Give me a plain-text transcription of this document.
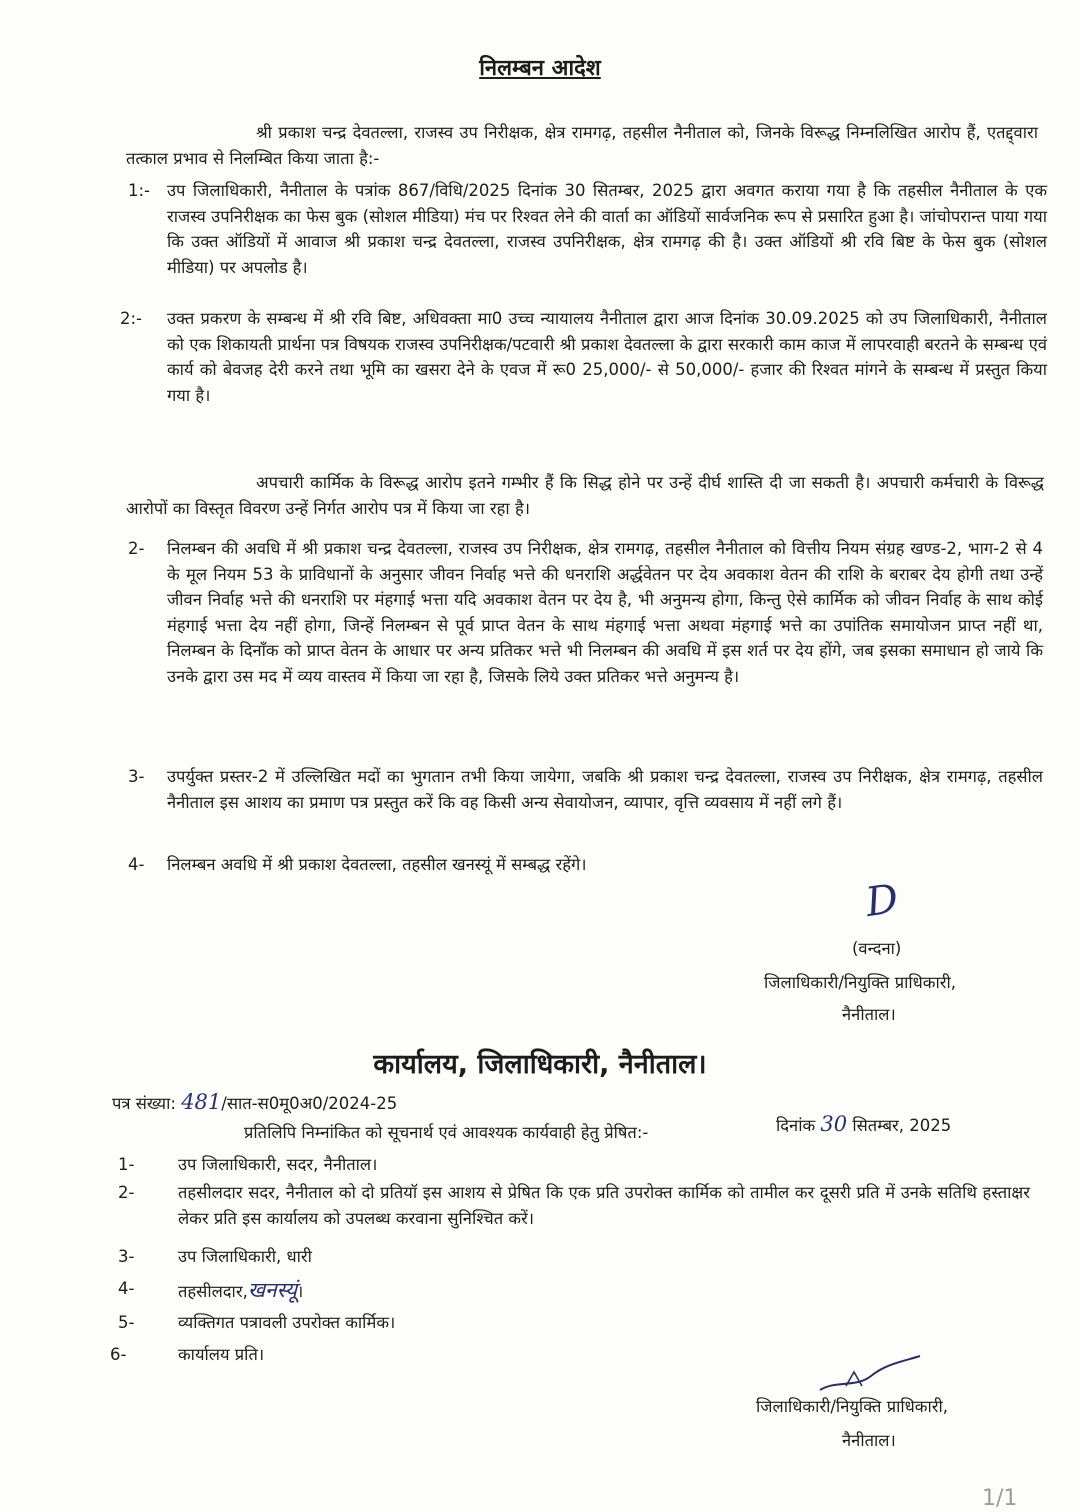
निलम्बन आदेश

श्री प्रकाश चन्द्र देवतल्ला, राजस्व उप निरीक्षक, क्षेत्र रामगढ़, तहसील नैनीताल को, जिनके विरूद्ध निम्नलिखित आरोप हैं, एतद्द्वारा तत्काल प्रभाव से निलम्बित किया जाता है:-

1:- उप जिलाधिकारी, नैनीताल के पत्रांक 867/विधि/2025 दिनांक 30 सितम्बर, 2025 द्वारा अवगत कराया गया है कि तहसील नैनीताल के एक राजस्व उपनिरीक्षक का फेस बुक (सोशल मीडिया) मंच पर रिश्वत लेने की वार्ता का ऑडियों सार्वजनिक रूप से प्रसारित हुआ है। जांचोपरान्त पाया गया कि उक्त ऑडियों में आवाज श्री प्रकाश चन्द्र देवतल्ला, राजस्व उपनिरीक्षक, क्षेत्र रामगढ़ की है। उक्त ऑडियों श्री रवि बिष्ट के फेस बुक (सोशल मीडिया) पर अपलोड है।

2:- उक्त प्रकरण के सम्बन्ध में श्री रवि बिष्ट, अधिवक्ता मा0 उच्च न्यायालय नैनीताल द्वारा आज दिनांक 30.09.2025 को उप जिलाधिकारी, नैनीताल को एक शिकायती प्रार्थना पत्र विषयक राजस्व उपनिरीक्षक/पटवारी श्री प्रकाश देवतल्ला के द्वारा सरकारी काम काज में लापरवाही बरतने के सम्बन्ध एवं कार्य को बेवजह देरी करने तथा भूमि का खसरा देने के एवज में रू0 25,000/- से 50,000/- हजार की रिश्वत मांगने के सम्बन्ध में प्रस्तुत किया गया है।

अपचारी कार्मिक के विरूद्ध आरोप इतने गम्भीर हैं कि सिद्ध होने पर उन्हें दीर्घ शास्ति दी जा सकती है। अपचारी कर्मचारी के विरूद्ध आरोपों का विस्तृत विवरण उन्हें निर्गत आरोप पत्र में किया जा रहा है।

2- निलम्बन की अवधि में श्री प्रकाश चन्द्र देवतल्ला, राजस्व उप निरीक्षक, क्षेत्र रामगढ़, तहसील नैनीताल को वित्तीय नियम संग्रह खण्ड-2, भाग-2 से 4 के मूल नियम 53 के प्राविधानों के अनुसार जीवन निर्वाह भत्ते की धनराशि अर्द्धवेतन पर देय अवकाश वेतन की राशि के बराबर देय होगी तथा उन्हें जीवन निर्वाह भत्ते की धनराशि पर मंहगाई भत्ता यदि अवकाश वेतन पर देय है, भी अनुमन्य होगा, किन्तु ऐसे कार्मिक को जीवन निर्वाह के साथ कोई मंहगाई भत्ता देय नहीं होगा, जिन्हें निलम्बन से पूर्व प्राप्त वेतन के साथ मंहगाई भत्ता अथवा मंहगाई भत्ते का उपांतिक समायोजन प्राप्त नहीं था, निलम्बन के दिनाँक को प्राप्त वेतन के आधार पर अन्य प्रतिकर भत्ते भी निलम्बन की अवधि में इस शर्त पर देय होंगे, जब इसका समाधान हो जाये कि उनके द्वारा उस मद में व्यय वास्तव में किया जा रहा है, जिसके लिये उक्त प्रतिकर भत्ते अनुमन्य है।

3- उपर्युक्त प्रस्तर-2 में उल्लिखित मदों का भुगतान तभी किया जायेगा, जबकि श्री प्रकाश चन्द्र देवतल्ला, राजस्व उप निरीक्षक, क्षेत्र रामगढ़, तहसील नैनीताल इस आशय का प्रमाण पत्र प्रस्तुत करें कि वह किसी अन्य सेवायोजन, व्यापार, वृत्ति व्यवसाय में नहीं लगे हैं।

4- निलम्बन अवधि में श्री प्रकाश देवतल्ला, तहसील खनस्यूं में सम्बद्ध रहेंगे।

D
(वन्दना)
जिलाधिकारी/नियुक्ति प्राधिकारी,
नैनीताल।
कार्यालय, जिलाधिकारी, नैनीताल।
पत्र संख्या: 481/सात-स0मू0अ0/2024-25
दिनांक 30 सितम्बर, 2025
प्रतिलिपि निम्नांकित को सूचनार्थ एवं आवश्यक कार्यवाही हेतु प्रेषित:-
1-	उप जिलाधिकारी, सदर, नैनीताल।
2-	तहसीलदार सदर, नैनीताल को दो प्रतियॉ इस आशय से प्रेषित कि एक प्रति उपरोक्त कार्मिक को तामील कर दूसरी प्रति में उनके सतिथि हस्ताक्षर लेकर प्रति इस कार्यालय को उपलब्ध करवाना सुनिश्चित करें।

3-	उप जिलाधिकारी, धारी
4-	तहसीलदार,खनस्यूं।
5-	व्यक्तिगत पत्रावली उपरोक्त कार्मिक।
6-	कार्यालय प्रति।
जिलाधिकारी/नियुक्ति प्राधिकारी,
नैनीताल।
1/1
